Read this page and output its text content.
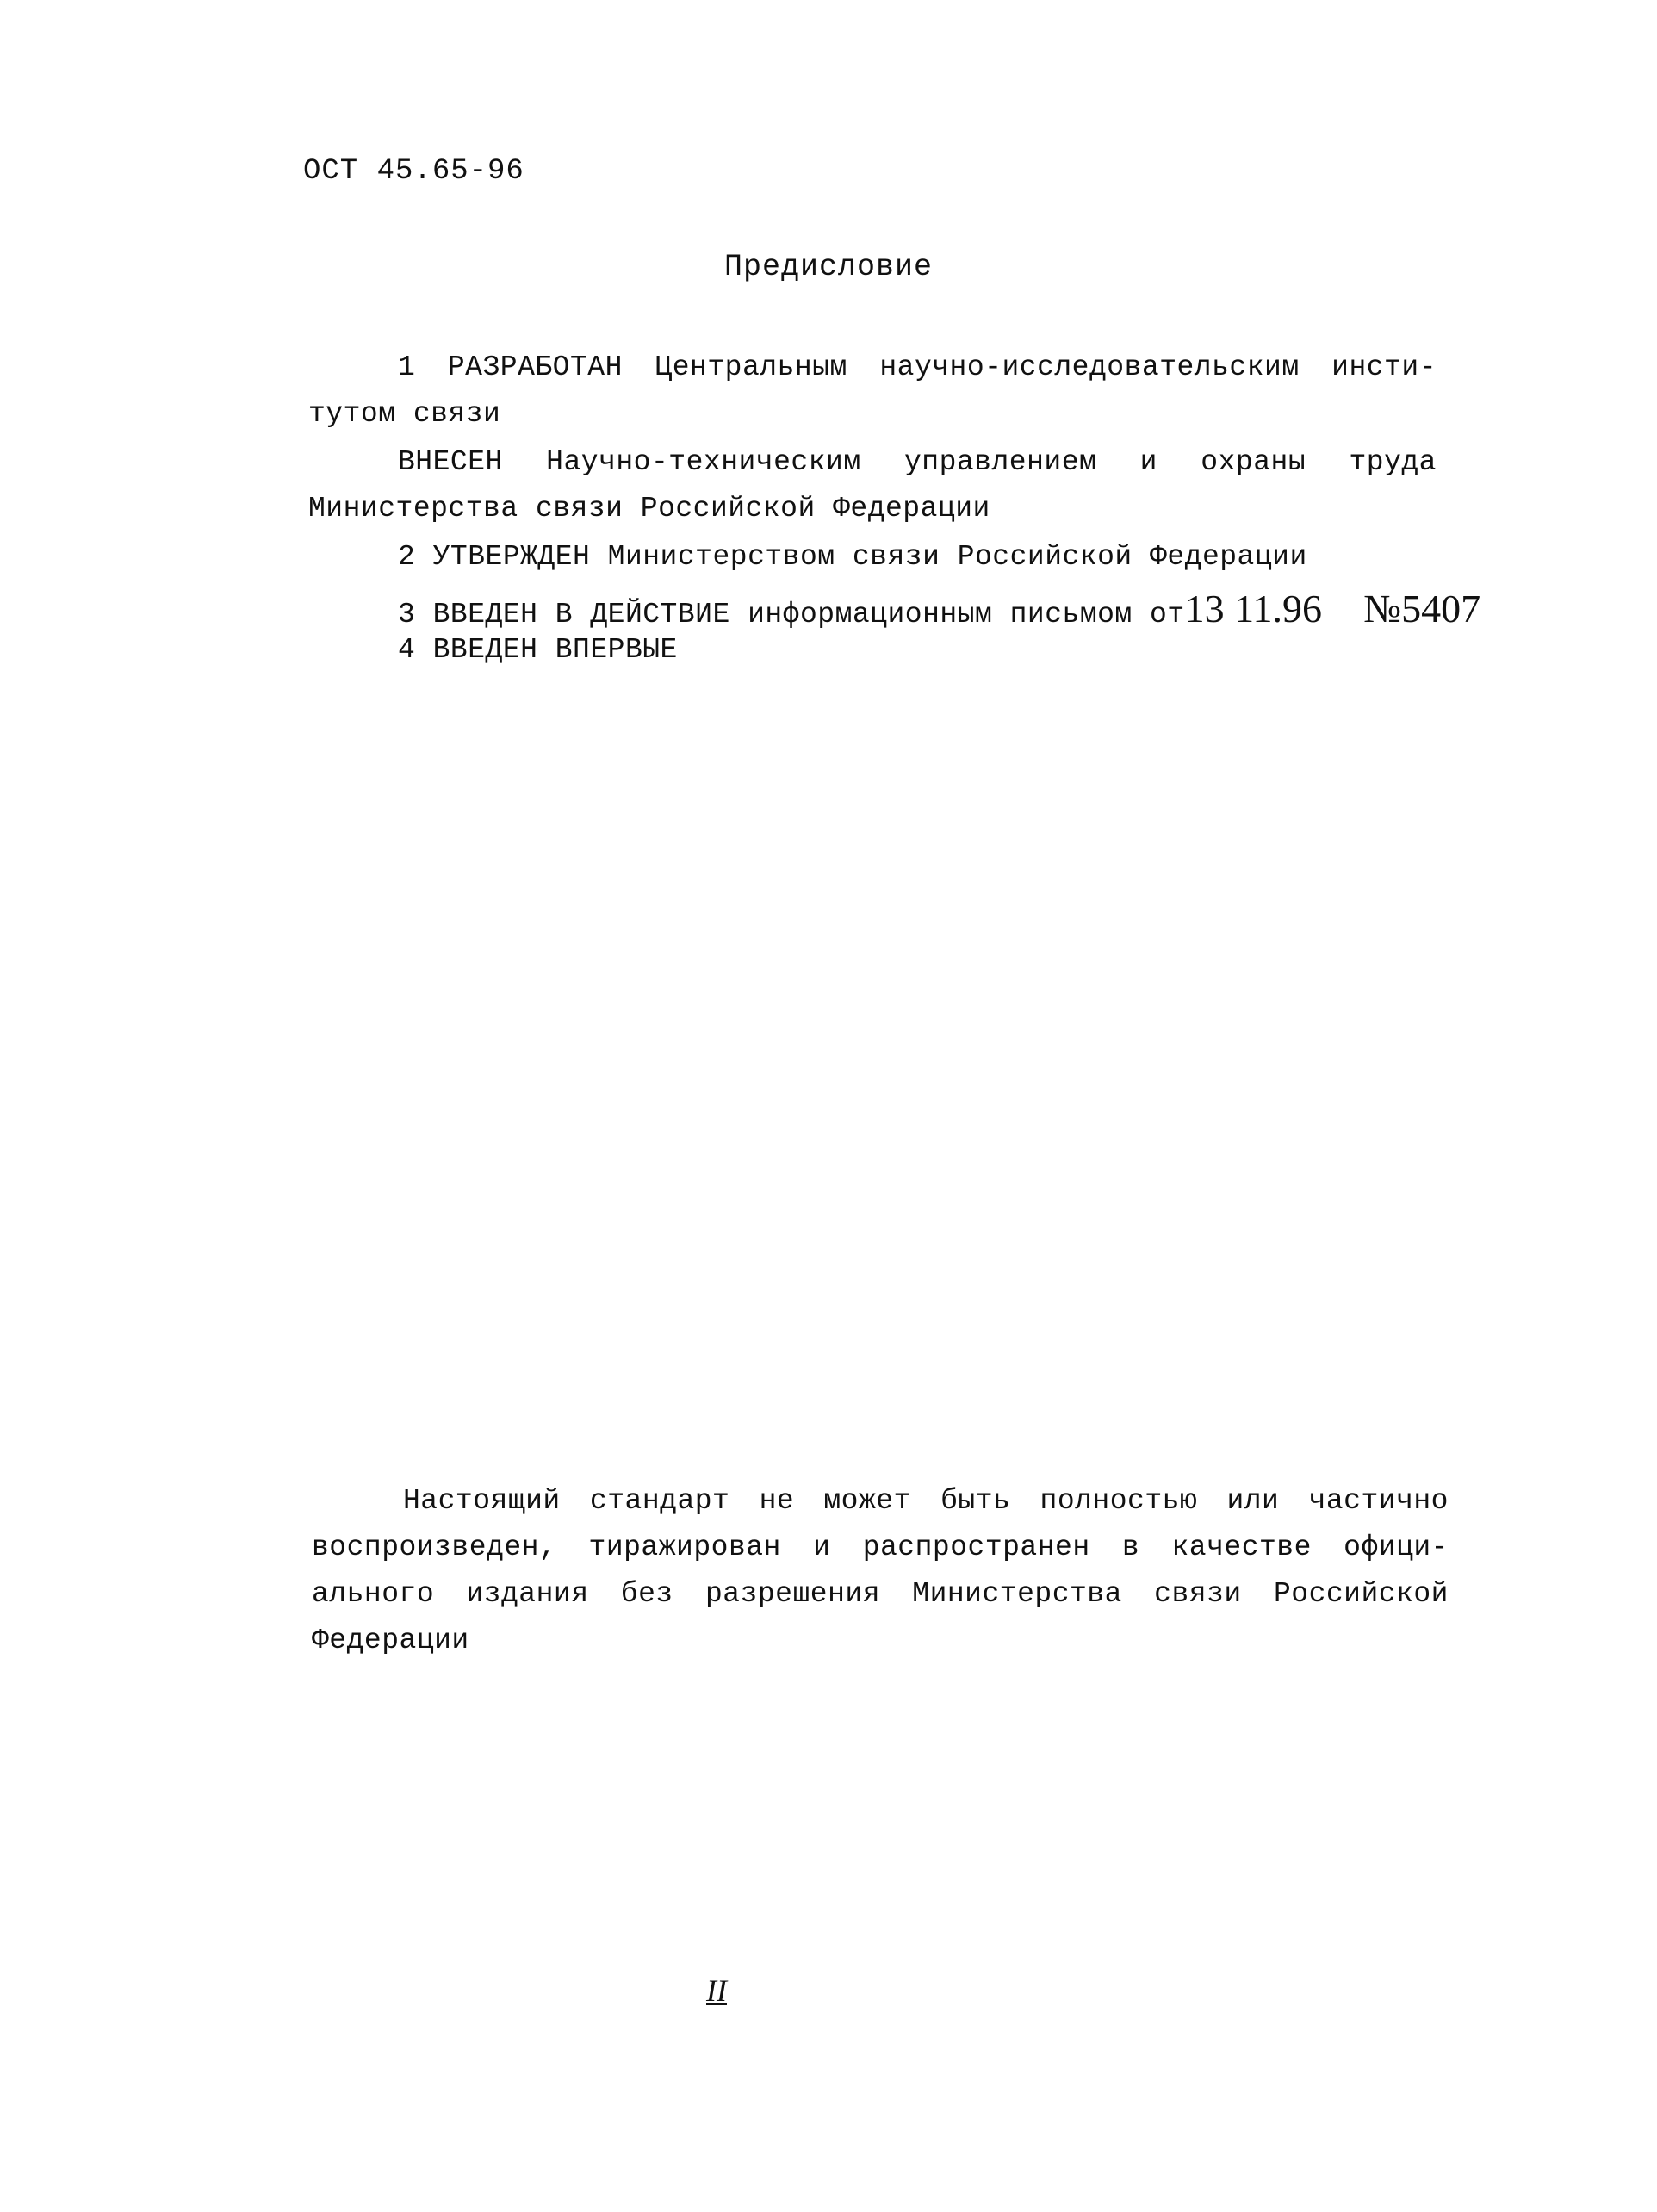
ОСТ 45.65-96
Предисловие
1 РАЗРАБОТАН Центральным научно-исследовательским инсти-
тутом связи
ВНЕСЕН Научно-техническим управлением и охраны труда
Министерства связи Российской Федерации
2 УТВЕРЖДЕН Министерством связи Российской Федерации
3 ВВЕДЕН В ДЕЙСТВИЕ информационным письмом от13 11.96 №5407
4 ВВЕДЕН ВПЕРВЫЕ
Настоящий стандарт не может быть полностью или частично
воспроизведен, тиражирован и распространен в качестве офици-
ального издания без разрешения Министерства связи Российской
Федерации
II
